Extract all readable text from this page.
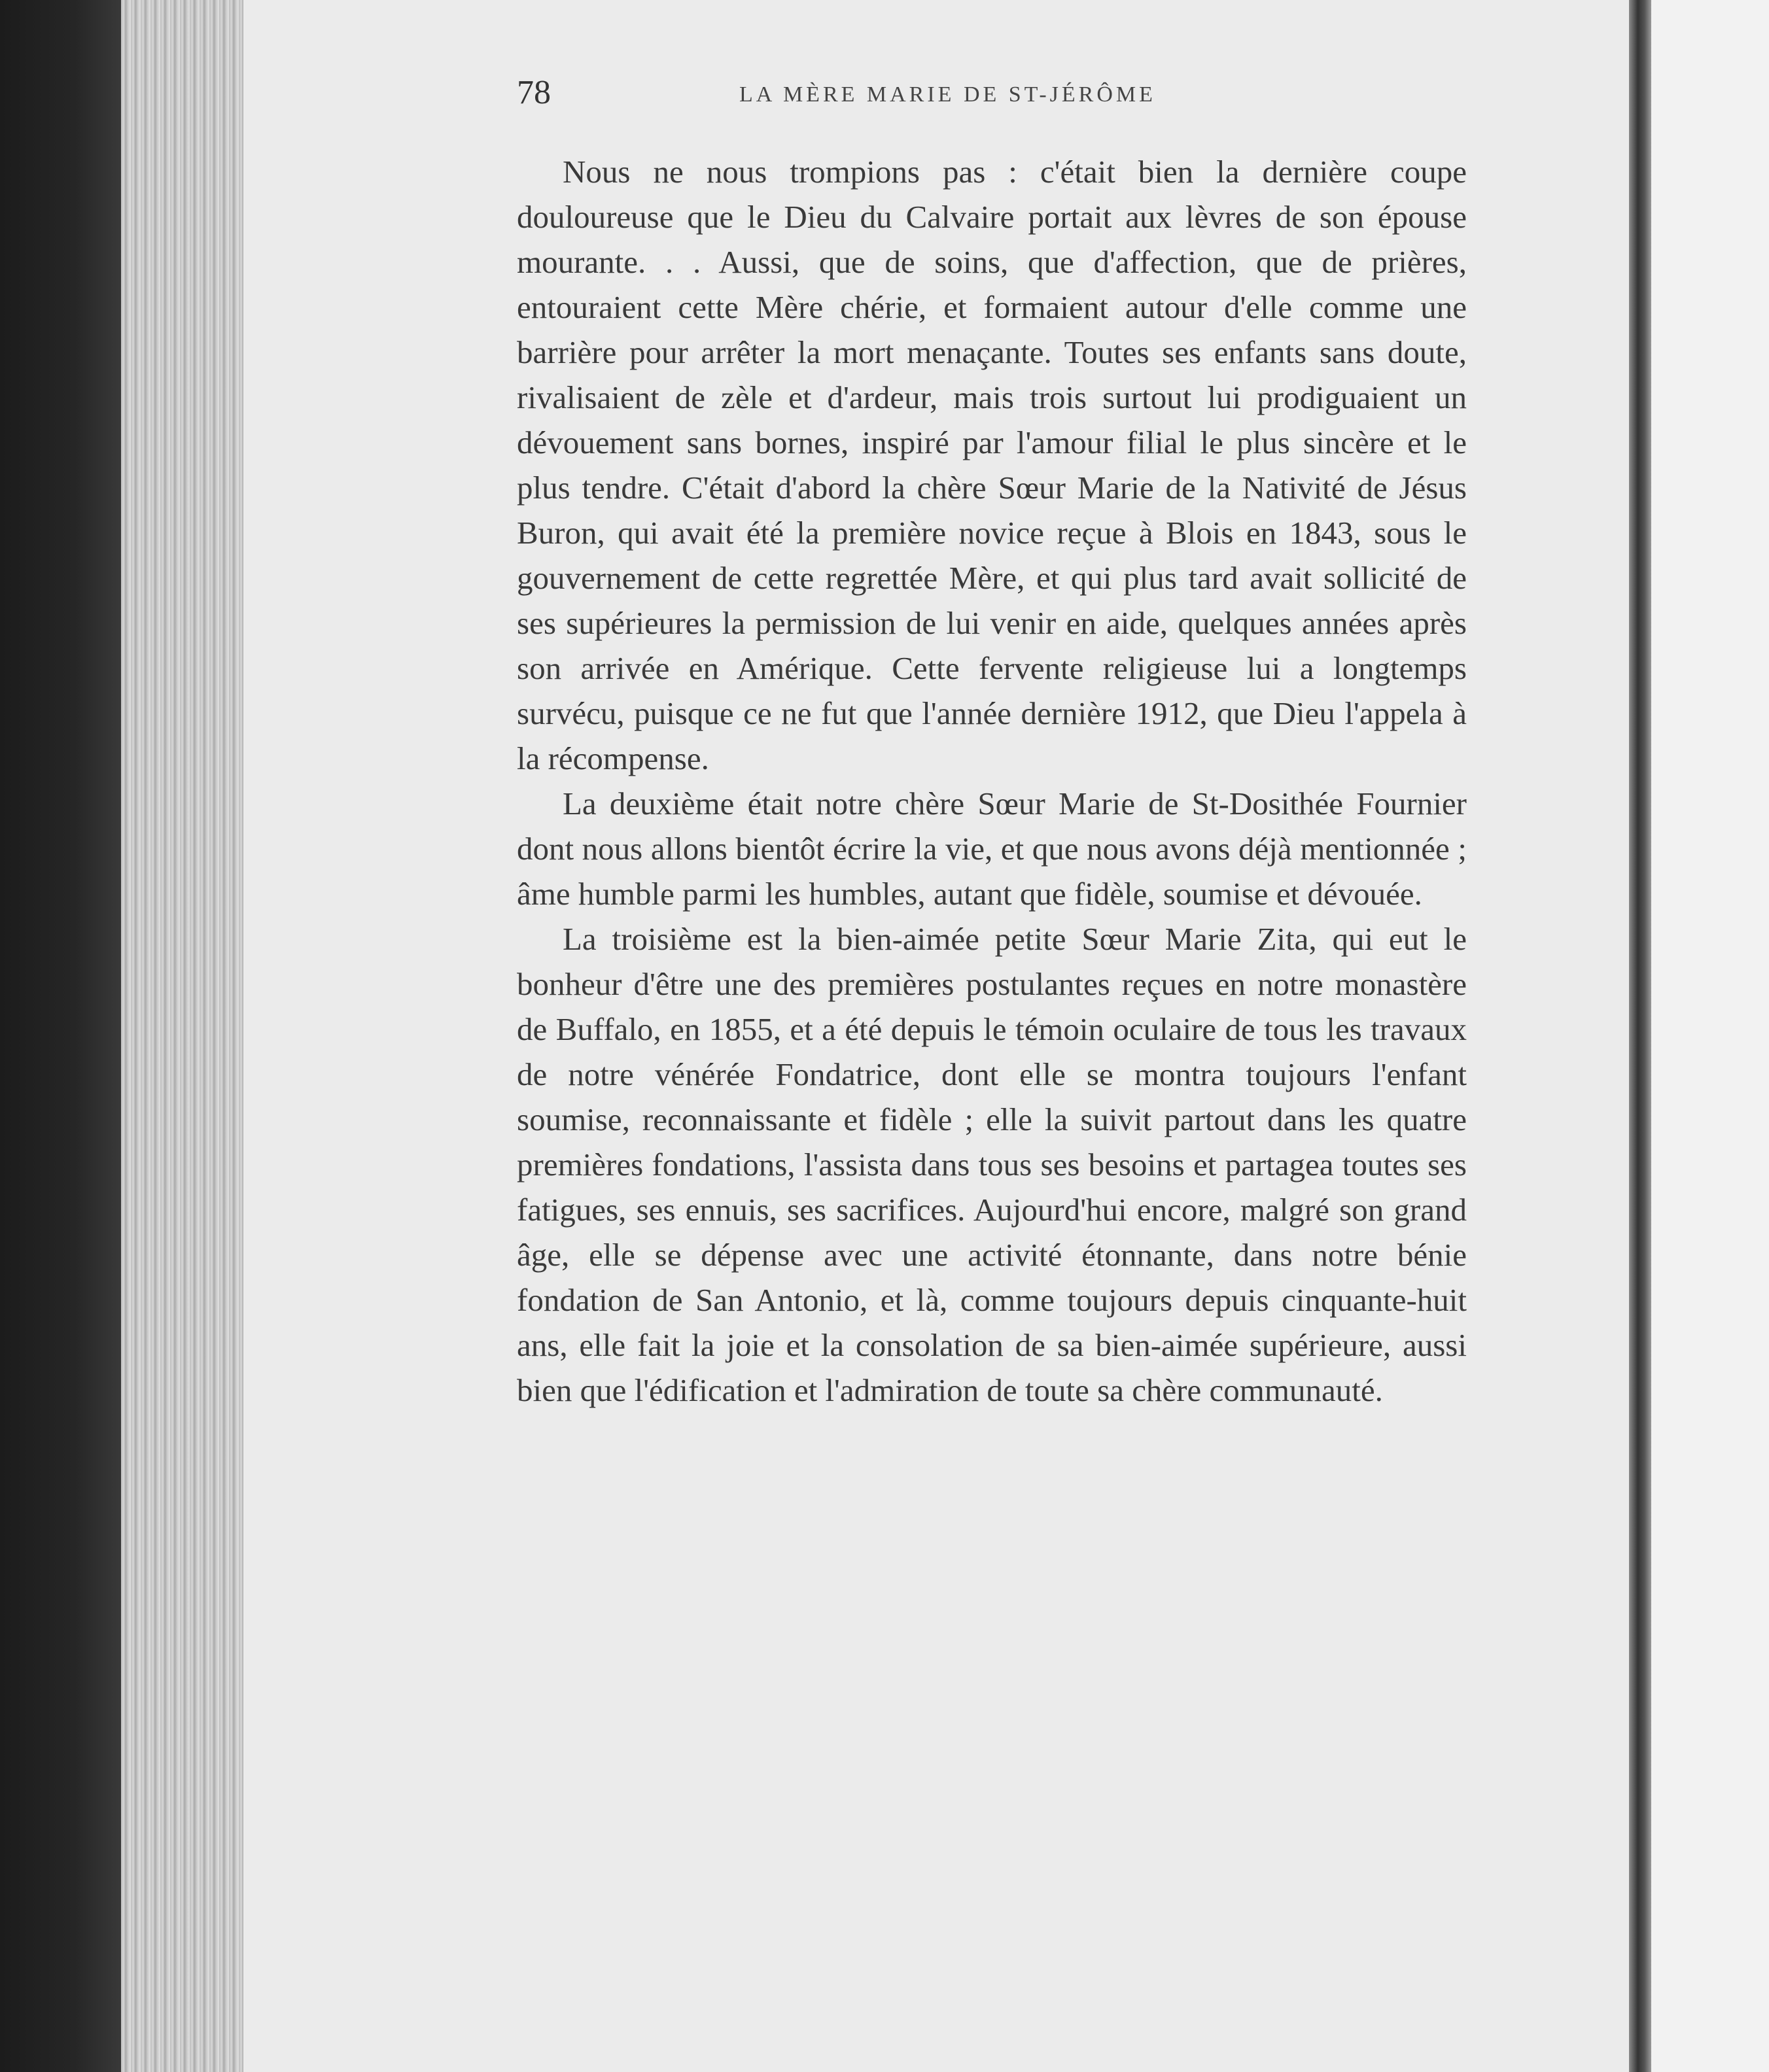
78	LA MÈRE MARIE DE ST-JÉRÔME

Nous ne nous trompions pas : c'était bien la dernière coupe douloureuse que le Dieu du Calvaire portait aux lèvres de son épouse mourante. . . Aussi, que de soins, que d'affection, que de prières, entouraient cette Mère chérie, et formaient autour d'elle comme une barrière pour arrêter la mort menaçante. Toutes ses enfants sans doute, rivalisaient de zèle et d'ardeur, mais trois surtout lui prodiguaient un dévouement sans bornes, inspiré par l'amour filial le plus sincère et le plus tendre. C'était d'abord la chère Sœur Marie de la Nativité de Jésus Buron, qui avait été la première novice reçue à Blois en 1843, sous le gouvernement de cette regrettée Mère, et qui plus tard avait sollicité de ses supérieures la permission de lui venir en aide, quelques années après son arrivée en Amérique. Cette fervente religieuse lui a longtemps survécu, puisque ce ne fut que l'année dernière 1912, que Dieu l'appela à la récompense.

La deuxième était notre chère Sœur Marie de St-Dosithée Fournier dont nous allons bientôt écrire la vie, et que nous avons déjà mentionnée ; âme humble parmi les humbles, autant que fidèle, soumise et dévouée.

La troisième est la bien-aimée petite Sœur Marie Zita, qui eut le bonheur d'être une des premières postulantes reçues en notre monastère de Buffalo, en 1855, et a été depuis le témoin oculaire de tous les travaux de notre vénérée Fondatrice, dont elle se montra toujours l'enfant soumise, reconnaissante et fidèle ; elle la suivit partout dans les quatre premières fondations, l'assista dans tous ses besoins et partagea toutes ses fatigues, ses ennuis, ses sacrifices. Aujourd'hui encore, malgré son grand âge, elle se dépense avec une activité étonnante, dans notre bénie fondation de San Antonio, et là, comme toujours depuis cinquante-huit ans, elle fait la joie et la consolation de sa bien-aimée supérieure, aussi bien que l'édification et l'admiration de toute sa chère communauté.
